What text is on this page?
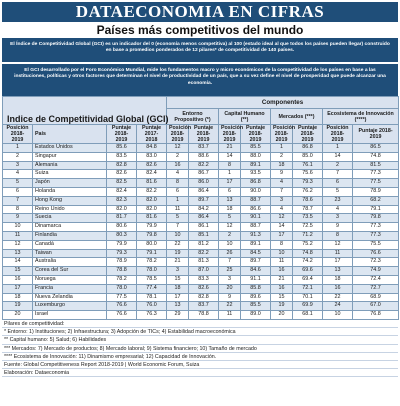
DATAECONOMIA EN CIFRAS
Países más competitivos del mundo
El Índice de Competitividad Global (GCI) es un indicador del 0 (economía menos competitiva) al 100 (estado ideal al que todos los países pueden llegar) construido en base a promedios ponderados de 12 pilares* de competitividad de 140 países.
El GCI desarrollado por el Foro Económico Mundial, mide los fundamentos macro y micro económicos de la competitividad de los países en base a las instituciones, políticas y otros factores que determinan el nivel de productividad de un país, que a su vez define el nivel de prosperidad que puede alcanzar una economía.
Indice de Competitividad Global (GCI)				Componentes							
				Entorno Propositivo (*)		Capital Humano (**)		Mercados (***)		Ecosistema de Innovación (****)	
Posición 2018-2019	País	Puntaje 2018-2019	Puntaje 2017-2018	Posición 2018-2019	Puntaje 2018-2019	Posición 2018-2019	Puntaje 2018-2019	Posición 2018-2019	Puntaje 2018-2019	Posición 2018-2019	Puntaje 2018-2019
1	Estados Unidos	85.6	84.8	12	83.7	21	85.5	1	86.8	1	86.5
2	Singapur	83.5	83.0	2	88.6	14	88.0	2	85.0	14	74.8
3	Alemania	82.8	82.6	16	82.2	8	89.1	18	76.1	2	81.5
4	Suiza	82.6	82.4	4	86.7	1	93.5	9	75.6	7	77.3
5	Japón	82.5	81.6	8	86.0	17	86.8	4	79.3	6	77.5
6	Holanda	82.4	82.2	6	86.4	6	90.0	7	76.2	5	78.9
7	Hong Kong	82.3	82.0	1	89.7	13	88.7	3	78.6	23	68.2
8	Reino Unido	82.0	82.0	11	84.2	18	86.6	4	78.7	4	79.1
9	Suecia	81.7	81.6	5	86.4	5	90.1	12	73.5	3	79.8
10	Dinamarca	80.6	79.9	7	86.1	12	88.7	14	72.5	9	77.3
11	Finlandia	80.3	79.8	10	85.1	2	91.3	17	71.2	8	77.3
12	Canadá	79.9	80.0	22	81.2	10	89.1	8	75.2	12	75.5
13	Taiwan	79.3	79.1	19	82.2	26	84.5	10	74.8	11	76.6
14	Australia	78.9	78.2	21	81.3	7	89.7	11	74.2	17	72.3
15	Corea del Sur	78.8	78.0	3	87.0	25	84.6	16	69.6	13	74.9
16	Noruega	78.2	78.5	15	83.3	3	91.1	21	69.4	18	72.4
17	Francia	78.0	77.4	18	82.6	20	85.8	16	72.1	16	72.7
18	Nueva Zelandia	77.5	78.1	17	82.8	9	89.6	15	70.1	22	68.9
19	Luxemburgo	76.6	76.0	13	83.7	22	85.5	19	69.9	24	67.0
20	Israel	76.6	76.3	29	78.8	11	89.0	20	68.1	10	76.8
Pilares de competitividad:
* Entorno: 1) Instituciones; 2) Infraestructura; 3) Adopción de TICs; 4) Estabilidad macroeconómica
** Capital humano: 5) Salud; 6) Habilidades
*** Mercados: 7) Mercado de productos; 8) Mercado laboral; 9) Sistema financiero; 10) Tamaño de mercado
**** Ecosistema de Innovación: 11) Dinamismo empresarial; 12) Capacidad de Innovación.
Fuente: Global Competitiveness Report 2018-2019 | World Economic Forum, Suiza
Elaboración: Dataeconomia
